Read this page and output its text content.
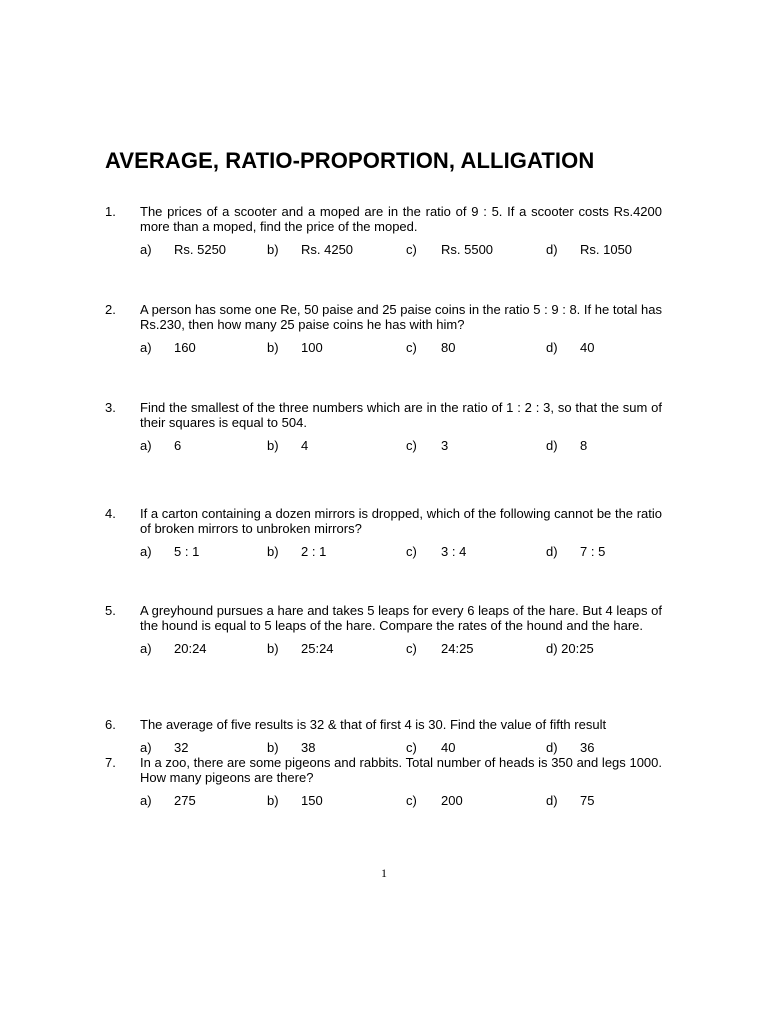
AVERAGE, RATIO-PROPORTION, ALLIGATION
1. The prices of a scooter and a moped are in the ratio of 9 : 5. If a scooter costs Rs.4200 more than a moped, find the price of the moped.
a) Rs. 5250	b) Rs. 4250	c) Rs. 5500	d) Rs. 1050
2. A person has some one Re, 50 paise and 25 paise coins in the ratio 5 : 9 : 8. If he total has Rs.230, then how many 25 paise coins he has with him?
a) 160	b) 100	c) 80	d) 40
3. Find the smallest of the three numbers which are in the ratio of 1 : 2 : 3, so that the sum of their squares is equal to 504.
a) 6	b) 4	c) 3	d) 8
4. If a carton containing a dozen mirrors is dropped, which of the following cannot be the ratio of broken mirrors to unbroken mirrors?
a) 5 : 1	b) 2 : 1	c) 3 : 4	d) 7 : 5
5. A greyhound pursues a hare and takes 5 leaps for every 6 leaps of the hare. But 4 leaps of the hound is equal to 5 leaps of the hare. Compare the rates of the hound and the hare.
a) 20:24	b) 25:24	c) 24:25	d) 20:25
6. The average of five results is 32 & that of first 4 is 30. Find the value of fifth result
a) 32	b) 38	c) 40	d) 36
7. In a zoo, there are some pigeons and rabbits. Total number of heads is 350 and legs 1000. How many pigeons are there?
a) 275	b) 150	c) 200	d) 75
1
